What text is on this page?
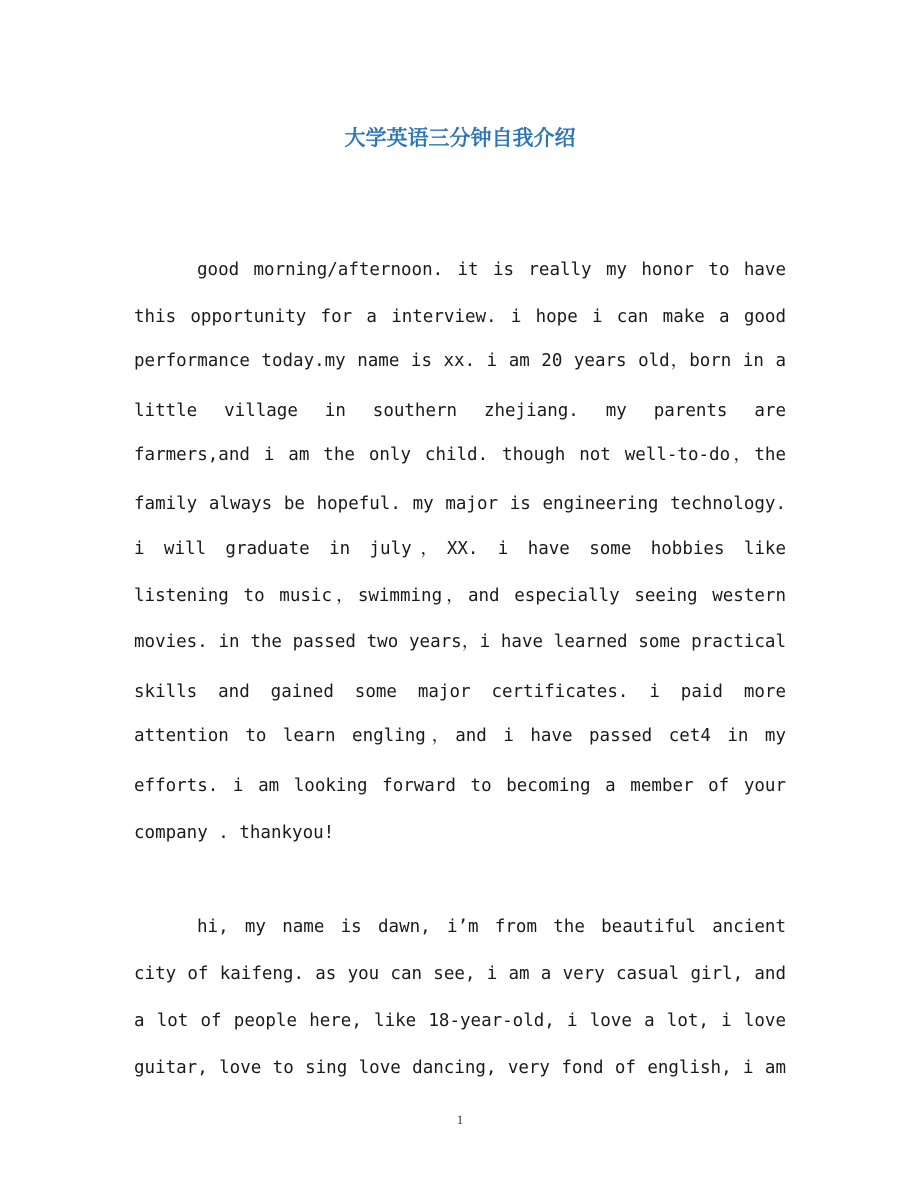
大学英语三分钟自我介绍
good morning/afternoon. it is really my honor to have
this opportunity for a interview. i hope i can make a good
performance today.my name is xx. i am 20 years old，born in a
little village in southern zhejiang. my parents are
farmers,and i am the only child. though not well-to-do，the
family always be hopeful. my major is engineering technology.
i will graduate in july，XX. i have some hobbies like
listening to music，swimming，and especially seeing western
movies. in the passed two years，i have learned some practical
skills and gained some major certificates. i paid more
attention to learn engling，and i have passed cet4 in my
efforts. i am looking forward to becoming a member of your
company . thankyou!
hi, my name is dawn, i’m from the beautiful ancient
city of kaifeng. as you can see, i am a very casual girl, and
a lot of people here, like 18-year-old, i love a lot, i love
guitar, love to sing love dancing, very fond of english, i am
1
